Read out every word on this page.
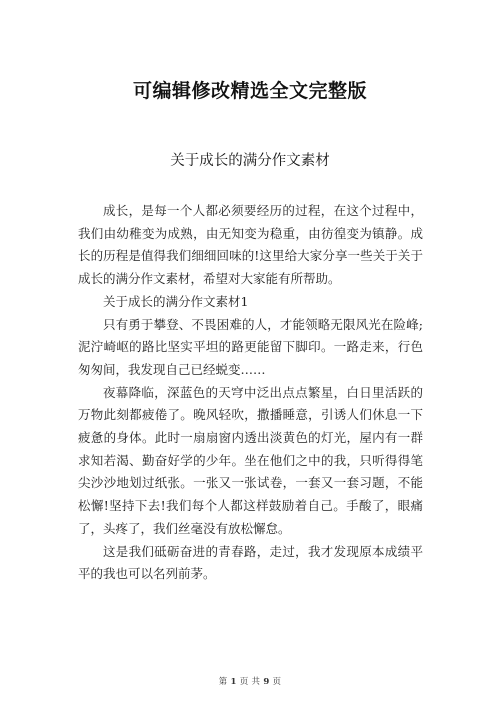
可编辑修改精选全文完整版
关于成长的满分作文素材

成长，是每一个人都必须要经历的过程，在这个过程中，我们由幼稚变为成熟，由无知变为稳重，由彷徨变为镇静。成长的历程是值得我们细细回味的!这里给大家分享一些关于关于成长的满分作文素材，希望对大家能有所帮助。

关于成长的满分作文素材1

只有勇于攀登、不畏困难的人，才能领略无限风光在险峰;泥泞崎岖的路比坚实平坦的路更能留下脚印。一路走来，行色匆匆间，我发现自己已经蜕变……

夜幕降临，深蓝色的天穹中泛出点点繁星，白日里活跃的万物此刻都疲倦了。晚风轻吹，撒播睡意，引诱人们休息一下疲惫的身体。此时一扇扇窗内透出淡黄色的灯光，屋内有一群求知若渴、勤奋好学的少年。坐在他们之中的我，只听得得笔尖沙沙地划过纸张。一张又一张试卷，一套又一套习题，不能松懈!坚持下去!我们每个人都这样鼓励着自己。手酸了，眼痛了，头疼了，我们丝毫没有放松懈怠。

这是我们砥砺奋进的青春路，走过，我才发现原本成绩平平的我也可以名列前茅。

第 1 页 共 9 页
